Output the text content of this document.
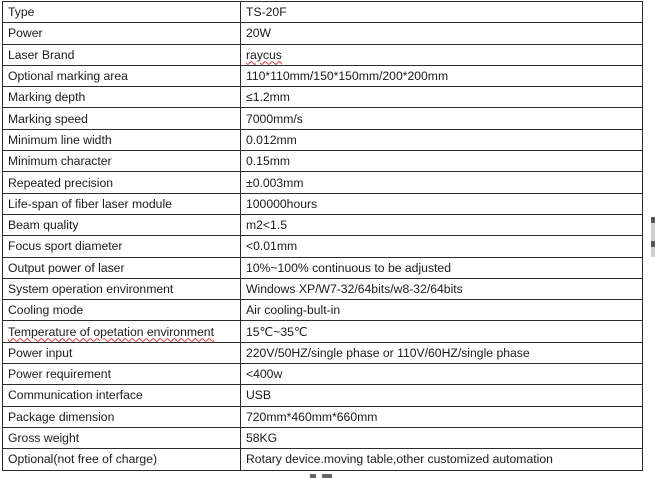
Type	TS-20F
Power	20W
Laser Brand	raycus
Optional marking area	110*110mm/150*150mm/200*200mm
Marking depth	≤1.2mm
Marking speed	7000mm/s
Minimum line width	0.012mm
Minimum character	0.15mm
Repeated precision	±0.003mm
Life-span of fiber laser module	100000hours
Beam quality	m2<1.5
Focus sport diameter	<0.01mm
Output power of laser	10%~100% continuous to be adjusted
System operation environment	Windows XP/W7-32/64bits/w8-32/64bits
Cooling mode	Air cooling-bult-in
Temperature of opetation environment	15℃~35℃
Power input	220V/50HZ/single phase or 110V/60HZ/single phase
Power requirement	<400w
Communication interface	USB
Package dimension	720mm*460mm*660mm
Gross weight	58KG
Optional(not free of charge)	Rotary device.moving table,other customized automation
